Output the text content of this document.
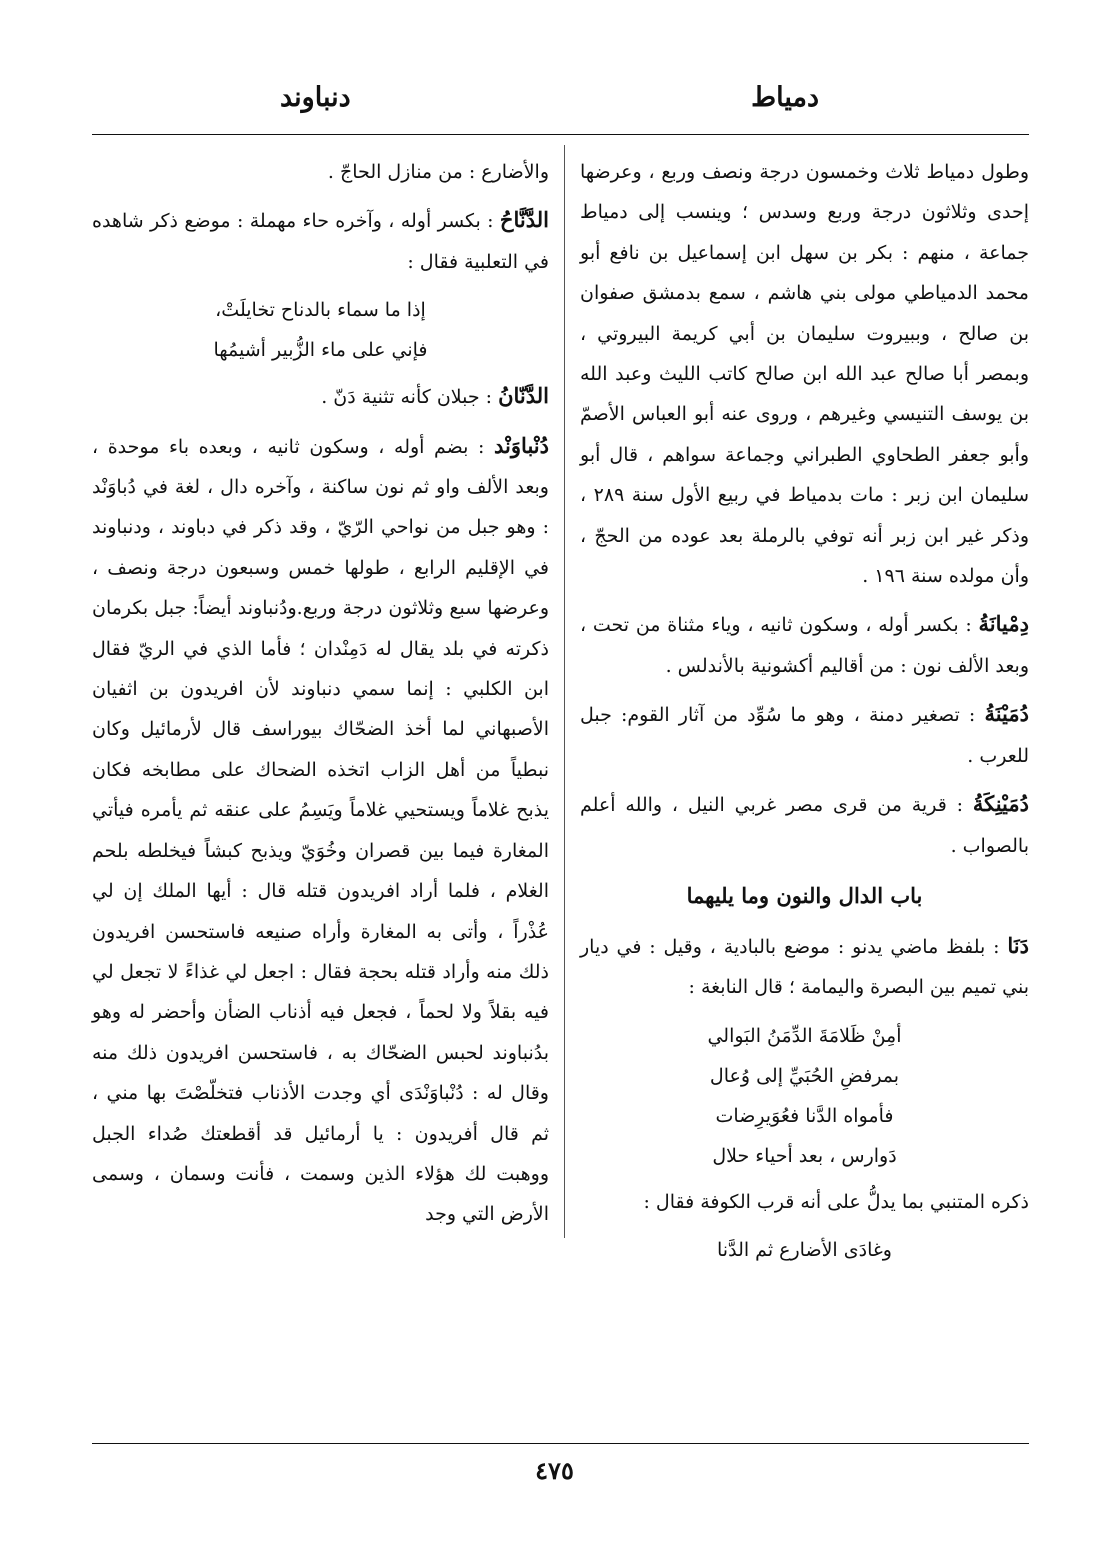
دمياط
دنباوند

وطول دمياط ثلاث وخمسون درجة ونصف وربع ، وعرضها إحدى وثلاثون درجة وربع وسدس ؛ وينسب إلى دمياط جماعة ، منهم : بكر بن سهل ابن إسماعيل بن نافع أبو محمد الدمياطي مولى بني هاشم ، سمع بدمشق صفوان بن صالح ، وببيروت سليمان بن أبي كريمة البيروتي ، وبمصر أبا صالح عبد الله ابن صالح كاتب الليث وعبد الله بن يوسف التنيسي وغيرهم ، وروى عنه أبو العباس الأصمّ وأبو جعفر الطحاوي الطبراني وجماعة سواهم ، قال أبو سليمان ابن زبر : مات بدمياط في ربيع الأول سنة ٢٨٩ ، وذكر غير ابن زبر أنه توفي بالرملة بعد عوده من الحجّ ، وأن مولده سنة ١٩٦ .

دِمْيانَةُ : بكسر أوله ، وسكون ثانيه ، وياء مثناة من تحت ، وبعد الألف نون : من أقاليم أكشونية بالأندلس .

دُمَيْنَةُ : تصغير دمنة ، وهو ما سُوِّد من آثار القوم: جبل للعرب .

دُمَيْنِكَةُ : قرية من قرى مصر غربي النيل ، والله أعلم بالصواب .

باب الدال والنون وما يليهما

دَنَا : بلفظ ماضي يدنو : موضع بالبادية ، وقيل : في ديار بني تميم بين البصرة واليمامة ؛ قال النابغة :

أمِنْ ظَلامَةَ الدِّمَنُ البَوالي
بمرفضِ الحُبَيِّ إلى وُعال
فأمواه الدَّنا فعُوَيرِضات
دَوارس ، بعد أحياء حلال

ذكره المتنبي بما يدلُّ على أنه قرب الكوفة فقال :

وغادَى الأضارع ثم الدَّنا

والأضارع : من منازل الحاجّ .

الدَّنَّاحُ : بكسر أوله ، وآخره حاء مهملة : موضع ذكر شاهده في التعلبية فقال :

إذا ما سماء بالدناح تخايلَتْ،
فإني على ماء الزُّبير أشيمُها

الدَّنّانُ : جبلان كأنه تثنية دَنّ .

دُنْباوَنْد : بضم أوله ، وسكون ثانيه ، وبعده باء موحدة ، وبعد الألف واو ثم نون ساكنة ، وآخره دال ، لغة في دُباوَنْد : وهو جبل من نواحي الرّيّ ، وقد ذكر في دباوند ، ودنباوند في الإقليم الرابع ، طولها خمس وسبعون درجة ونصف ، وعرضها سبع وثلاثون درجة وربع.ودُنباوند أيضاً: جبل بكرمان ذكرته في بلد يقال له دَمِنْدان ؛ فأما الذي في الريّ فقال ابن الكلبي : إنما سمي دنباوند لأن افريدون بن اثفيان الأصبهاني لما أخذ الضحّاك بيوراسف قال لأرمائيل وكان نبطياً من أهل الزاب اتخذه الضحاك على مطابخه فكان يذبح غلاماً ويستحيي غلاماً ويَسِمُ على عنقه ثم يأمره فيأتي المغارة فيما بين قصران وخُوَيّ ويذبح كبشاً فيخلطه بلحم الغلام ، فلما أراد افريدون قتله قال : أيها الملك إن لي عُذْراً ، وأتى به المغارة وأراه صنيعه فاستحسن افريدون ذلك منه وأراد قتله بحجة فقال : اجعل لي غذاءً لا تجعل لي فيه بقلاً ولا لحماً ، فجعل فيه أذناب الضأن وأحضر له وهو بدُنباوند لحبس الضحّاك به ، فاستحسن افريدون ذلك منه وقال له : دُنْباوَنْدَى أي وجدت الأذناب فتخلّصْتَ بها مني ، ثم قال أفريدون : يا أرمائيل قد أقطعتك صُداء الجبل ووهبت لك هؤلاء الذين وسمت ، فأنت وسمان ، وسمى الأرض التي وجد

٤٧٥
